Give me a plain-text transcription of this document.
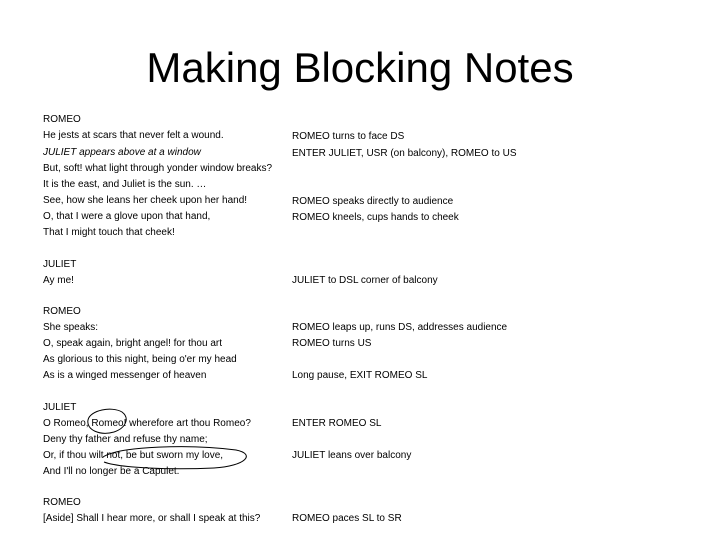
Making Blocking Notes
ROMEO
He jests at scars that never felt a wound.
JULIET appears above at a window
But, soft! what light through yonder window breaks?
It is the east, and Juliet is the sun. …
See, how she leans her cheek upon her hand!
O, that I were a glove upon that hand,
That I might touch that cheek!
JULIET
Ay me!
ROMEO
She speaks:
O, speak again, bright angel! for thou art
As glorious to this night, being o'er my head
As is a winged messenger of heaven
JULIET
O Romeo, Romeo! wherefore art thou Romeo?
Deny thy father and refuse thy name;
Or, if thou wilt not, be but sworn my love,
And I'll no longer be a Capulet.
ROMEO
[Aside] Shall I hear more, or shall I speak at this?
ROMEO turns to face DS
ENTER JULIET, USR (on balcony), ROMEO to US
ROMEO speaks directly to audience
ROMEO kneels, cups hands to cheek
JULIET to DSL corner of balcony
ROMEO leaps up, runs DS, addresses audience
ROMEO turns US
Long pause, EXIT ROMEO SL
ENTER ROMEO SL
JULIET leans over balcony
ROMEO paces SL to SR
